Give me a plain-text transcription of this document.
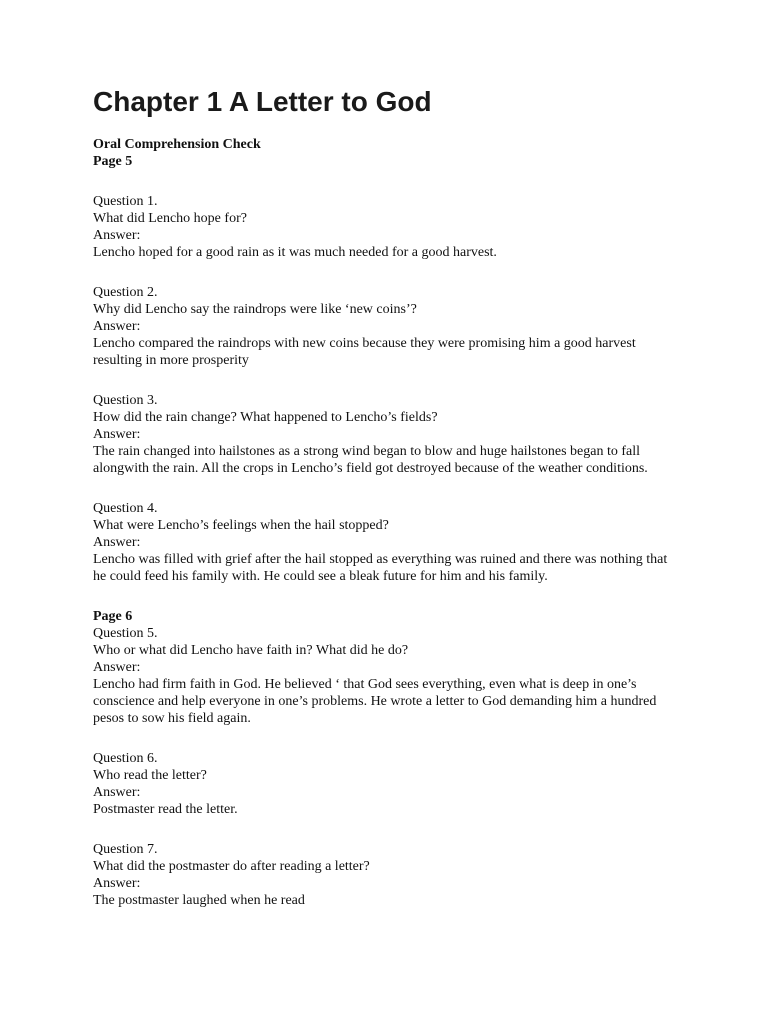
Chapter 1 A Letter to God
Oral Comprehension Check
Page 5
Question 1.
What did Lencho hope for?
Answer:
Lencho hoped for a good rain as it was much needed for a good harvest.
Question 2.
Why did Lencho say the raindrops were like ‘new coins’?
Answer:
Lencho compared the raindrops with new coins because they were promising him a good harvest resulting in more prosperity
Question 3.
How did the rain change? What happened to Lencho’s fields?
Answer:
The rain changed into hailstones as a strong wind began to blow and huge hailstones began to fall alongwith the rain. All the crops in Lencho’s field got destroyed because of the weather conditions.
Question 4.
What were Lencho’s feelings when the hail stopped?
Answer:
Lencho was filled with grief after the hail stopped as everything was ruined and there was nothing that he could feed his family with. He could see a bleak future for him and his family.
Page 6
Question 5.
Who or what did Lencho have faith in? What did he do?
Answer:
Lencho had firm faith in God. He believed ‘ that God sees everything, even what is deep in one’s conscience and help everyone in one’s problems. He wrote a letter to God demanding him a hundred pesos to sow his field again.
Question 6.
Who read the letter?
Answer:
Postmaster read the letter.
Question 7.
What did the postmaster do after reading a letter?
Answer:
The postmaster laughed when he read
